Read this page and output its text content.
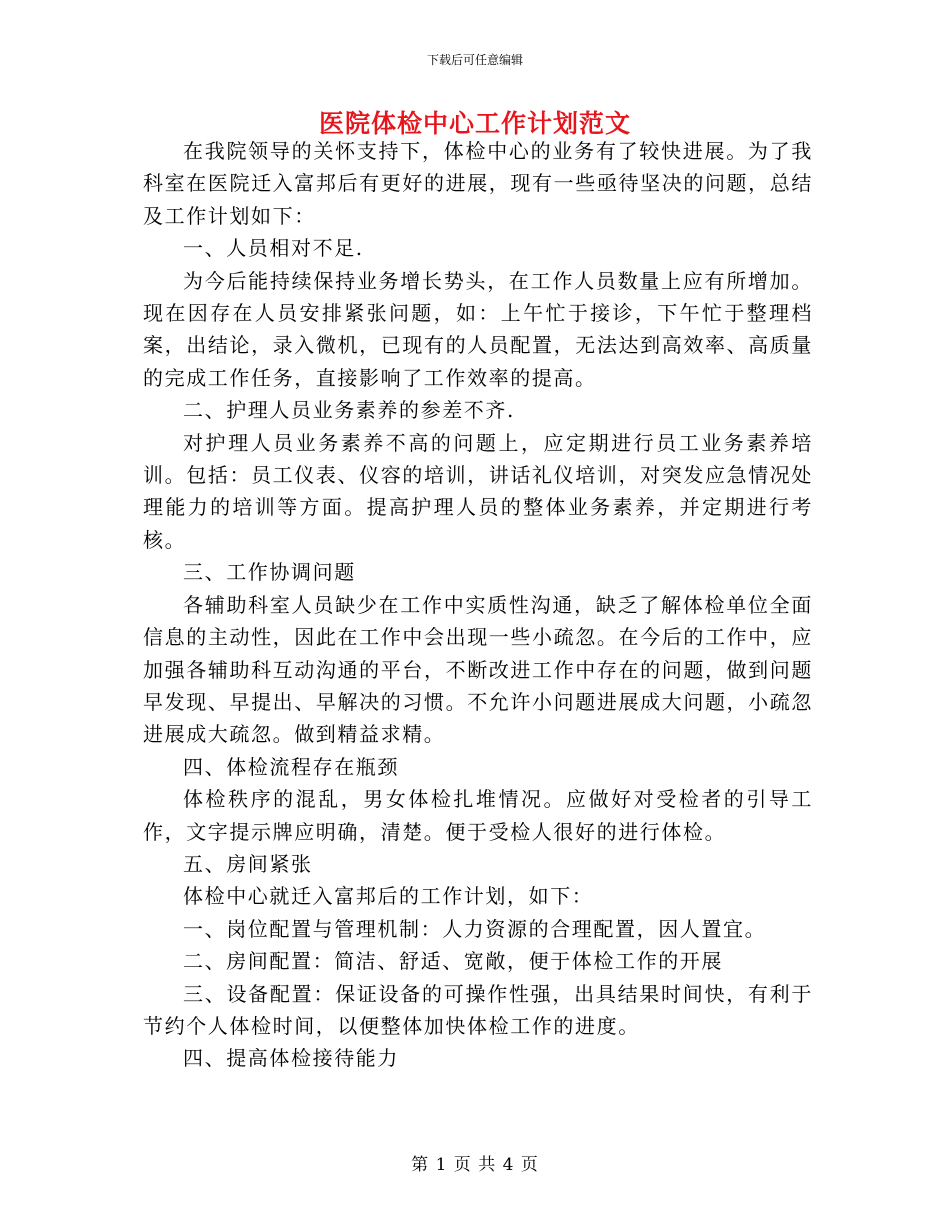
下载后可任意编辑
医院体检中心工作计划范文

在我院领导的关怀支持下，体检中心的业务有了较快进展。为了我科室在医院迁入富邦后有更好的进展，现有一些亟待坚决的问题，总结及工作计划如下：

一、人员相对不足.

为今后能持续保持业务增长势头，在工作人员数量上应有所增加。现在因存在人员安排紧张问题，如：上午忙于接诊，下午忙于整理档案，出结论，录入微机，已现有的人员配置，无法达到高效率、高质量的完成工作任务，直接影响了工作效率的提高。

二、护理人员业务素养的参差不齐.

对护理人员业务素养不高的问题上，应定期进行员工业务素养培训。包括：员工仪表、仪容的培训，讲话礼仪培训，对突发应急情况处理能力的培训等方面。提高护理人员的整体业务素养，并定期进行考核。

三、工作协调问题

各辅助科室人员缺少在工作中实质性沟通，缺乏了解体检单位全面信息的主动性，因此在工作中会出现一些小疏忽。在今后的工作中，应加强各辅助科互动沟通的平台，不断改进工作中存在的问题，做到问题早发现、早提出、早解决的习惯。不允许小问题进展成大问题，小疏忽进展成大疏忽。做到精益求精。

四、体检流程存在瓶颈

体检秩序的混乱，男女体检扎堆情况。应做好对受检者的引导工作，文字提示牌应明确，清楚。便于受检人很好的进行体检。

五、房间紧张

体检中心就迁入富邦后的工作计划，如下：

一、岗位配置与管理机制：人力资源的合理配置，因人置宜。

二、房间配置：简洁、舒适、宽敞，便于体检工作的开展

三、设备配置：保证设备的可操作性强，出具结果时间快，有利于节约个人体检时间，以便整体加快体检工作的进度。

四、提高体检接待能力

第 1 页 共 4 页
